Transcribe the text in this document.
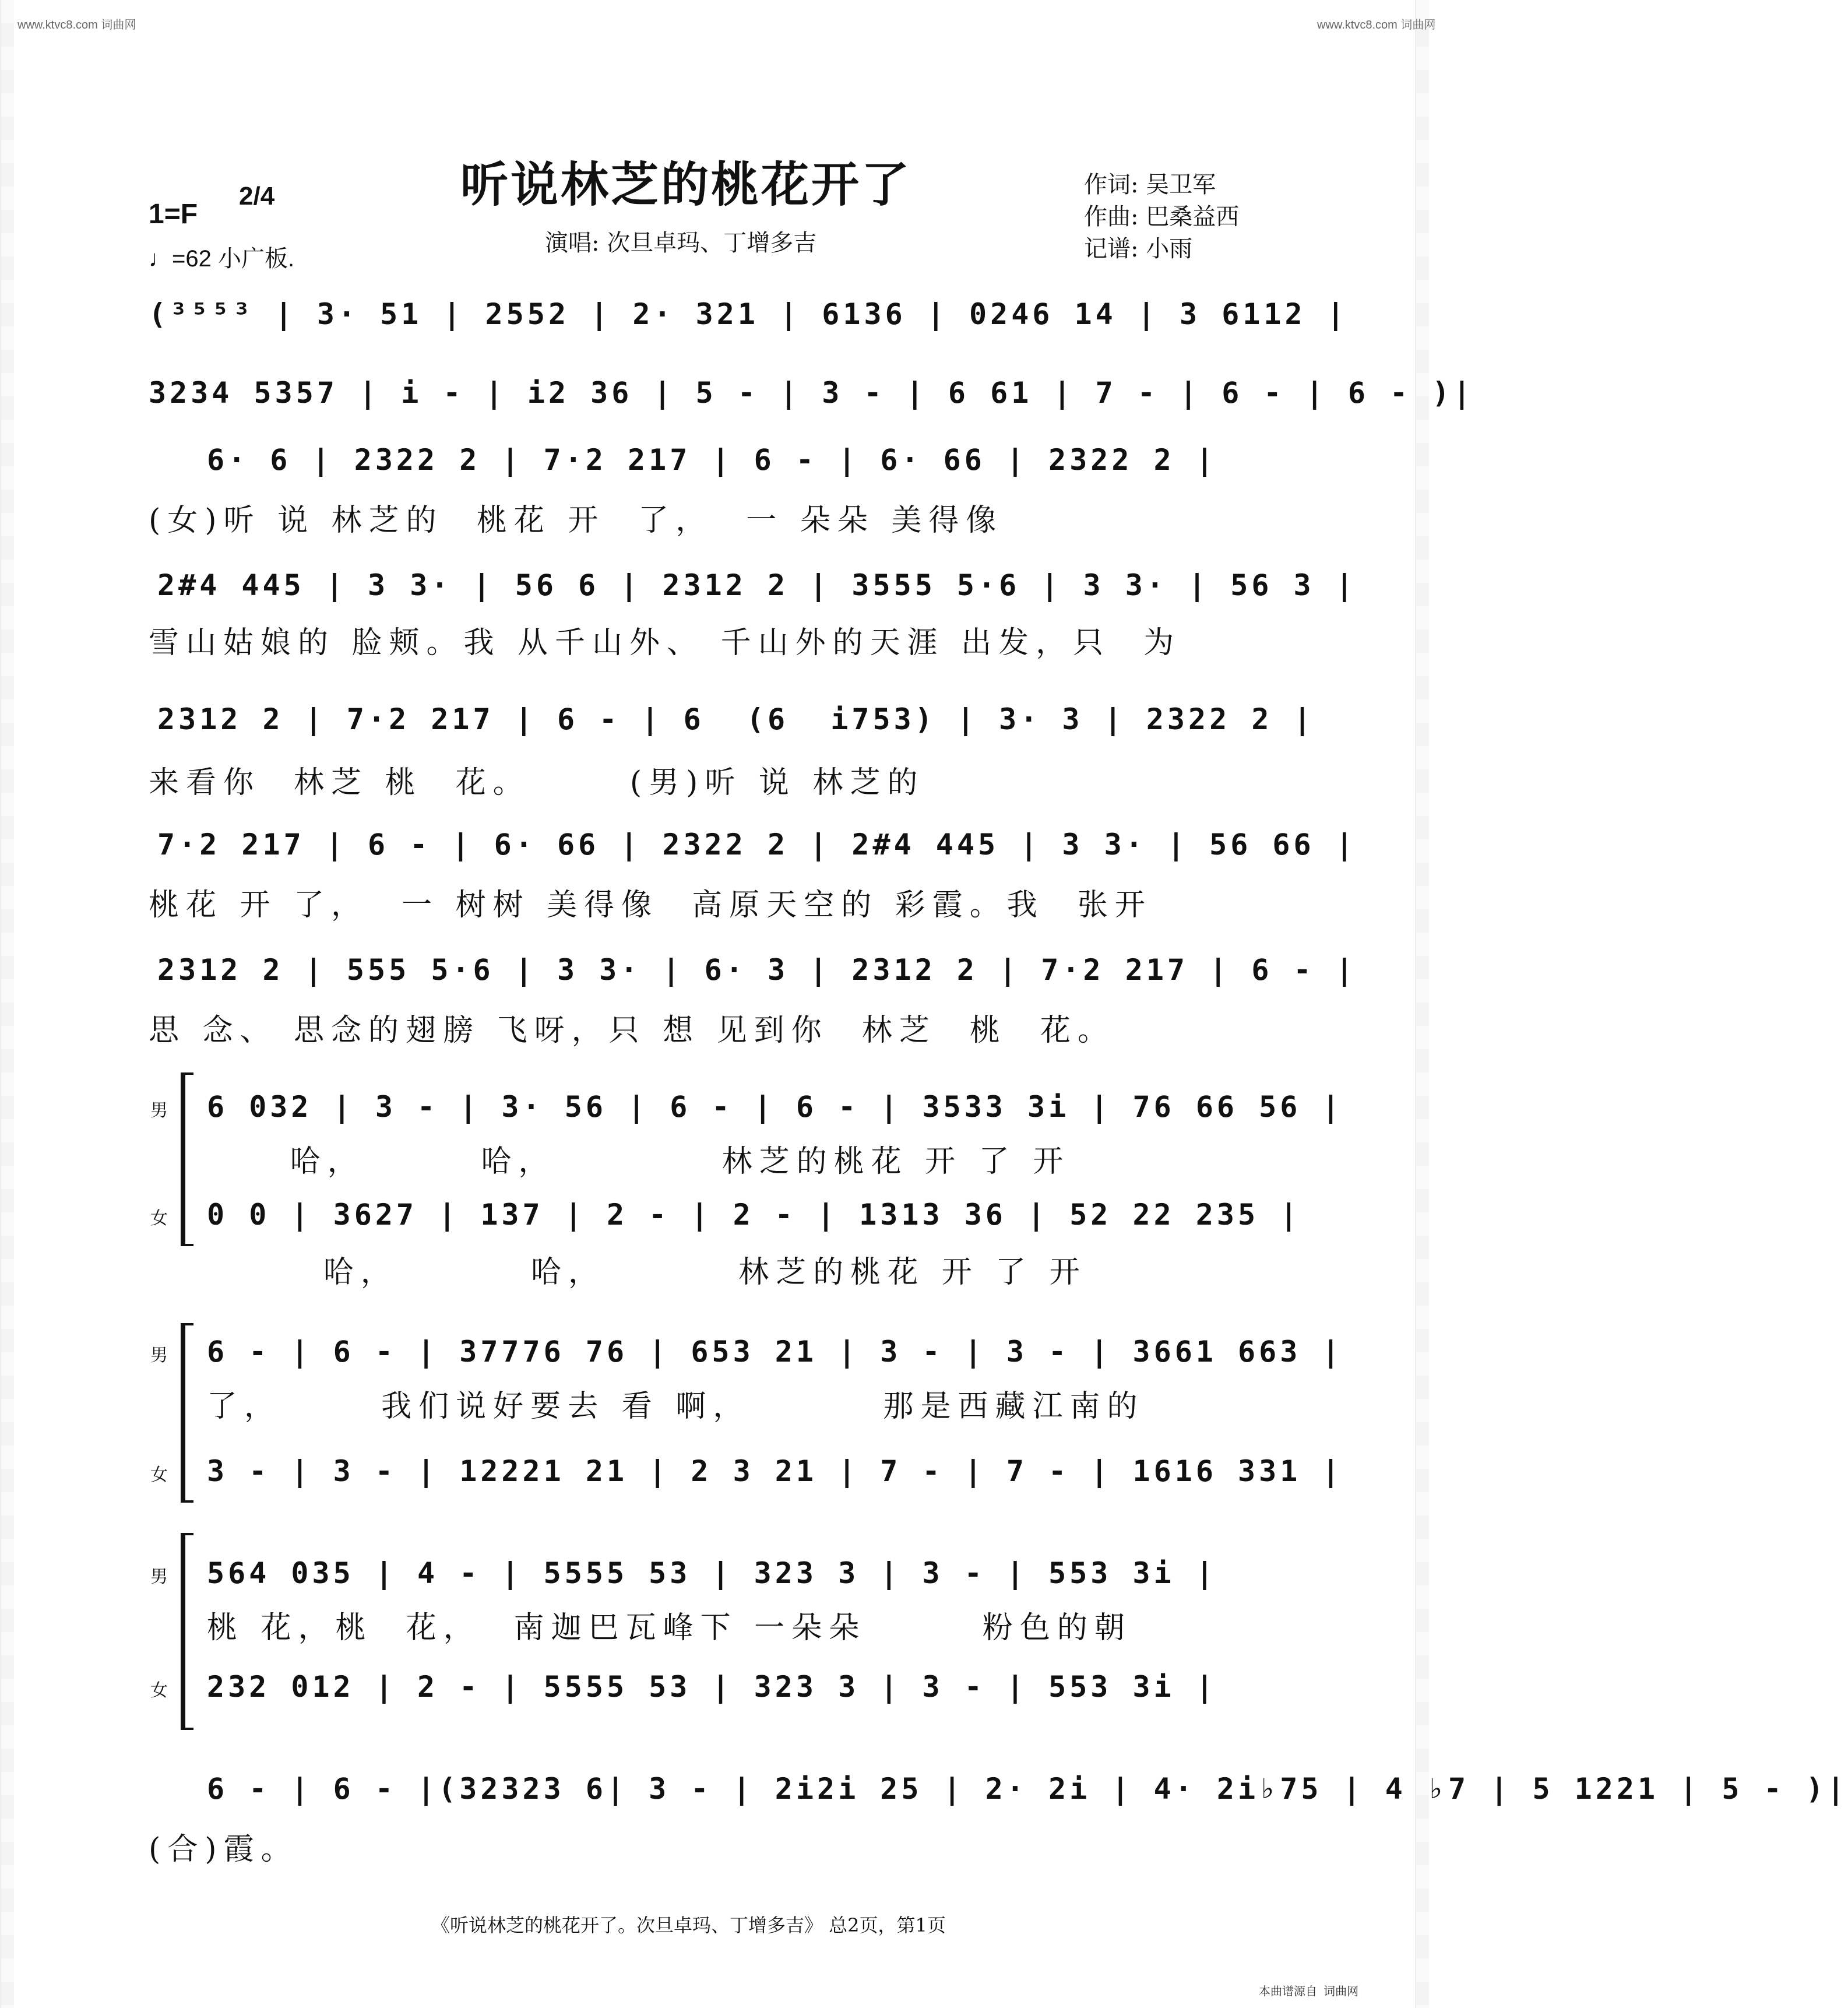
www.ktvc8.com 词曲网	www.ktvc8.com 词曲网
听说林芝的桃花开了	作词: 吴卫军
作曲: 巴桑益西
记谱: 小雨
演唱: 次旦卓玛、丁增多吉
1=F
2/4
♩=62 小广板.
(³⁵⁵³ | 3· 51 | 2552 | 2· 321 | 6136 | 0246 14 | 3 6112 |
3234 5357 | i - | i2 36 | 5 - | 3 - | 6 61 | 7 - | 6 - | 6 - )|
6· 6 | 2322 2 | 7·2 217 | 6 - | 6· 66 | 2322 2 |
(女)听 说 林芝的  桃花 开  了，  一 朵朵 美得像
2#4 445 | 3 3· | 56 6 | 2312 2 | 3555 5·6 | 3 3· | 56 3 |
雪山姑娘的 脸颊。我 从千山外、 千山外的天涯 出发，只  为
2312 2 | 7·2 217 | 6 - | 6  (6  i753) | 3· 3 | 2322 2 |
来看你  林芝 桃  花。      (男)听 说 林芝的
7·2 217 | 6 - | 6· 66 | 2322 2 | 2#4 445 | 3 3· | 56 66 |
桃花 开 了，  一 树树 美得像  高原天空的 彩霞。我  张开
2312 2 | 555 5·6 | 3 3· | 6· 3 | 2312 2 | 7·2 217 | 6 - |
思 念、 思念的翅膀 飞呀，只 想 见到你  林芝  桃  花。
男 6 032 | 3 - | 3· 56 | 6 - | 6 - | 3533 3i | 76 66 56 |
哈，       哈，          林芝的桃花 开 了 开
女 0 0 | 3627 | 137 | 2 - | 2 - | 1313 36 | 52 22 235 |
哈，        哈，        林芝的桃花 开 了 开
男 6 - | 6 - | 37776 76 | 653 21 | 3 - | 3 - | 3661 663 |
了，      我们说好要去 看 啊，        那是西藏江南的
女 3 - | 3 - | 12221 21 | 2 3 21 | 7 - | 7 - | 1616 331 |
男 564 035 | 4 - | 5555 53 | 323 3 | 3 - | 553 3i |
桃 花，桃  花，  南迦巴瓦峰下 一朵朵       粉色的朝
女 232 012 | 2 - | 5555 53 | 323 3 | 3 - | 553 3i |
6 - | 6 - |(32323 6| 3 - | 2i2i 25 | 2· 2i | 4· 2i♭75 | 4 ♭7 | 5 1221 | 5 - )|
(合)霞。
《听说林芝的桃花开了。次旦卓玛、丁增多吉》 总2页，第1页
本曲谱源自  词曲网
